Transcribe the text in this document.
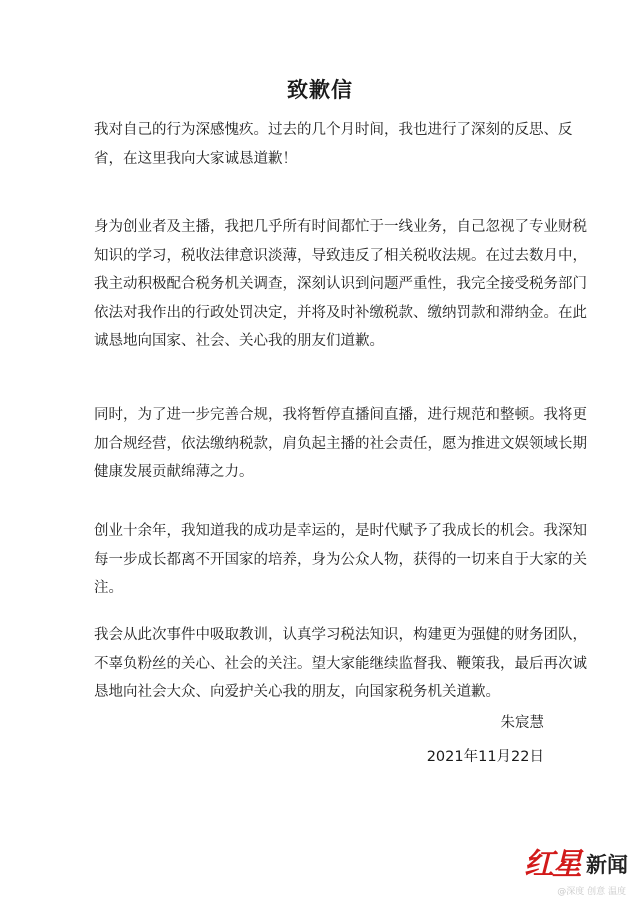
致歉信
我对自己的行为深感愧疚。过去的几个月时间，我也进行了深刻的反思、反
省，在这里我向大家诚恳道歉！
身为创业者及主播，我把几乎所有时间都忙于一线业务，自己忽视了专业财税
知识的学习，税收法律意识淡薄，导致违反了相关税收法规。在过去数月中，
我主动积极配合税务机关调查，深刻认识到问题严重性，我完全接受税务部门
依法对我作出的行政处罚决定，并将及时补缴税款、缴纳罚款和滞纳金。在此
诚恳地向国家、社会、关心我的朋友们道歉。
同时，为了进一步完善合规，我将暂停直播间直播，进行规范和整顿。我将更
加合规经营，依法缴纳税款，肩负起主播的社会责任，愿为推进文娱领域长期
健康发展贡献绵薄之力。
创业十余年，我知道我的成功是幸运的，是时代赋予了我成长的机会。我深知
每一步成长都离不开国家的培养，身为公众人物，获得的一切来自于大家的关
注。
我会从此次事件中吸取教训，认真学习税法知识，构建更为强健的财务团队，
不辜负粉丝的关心、社会的关注。望大家能继续监督我、鞭策我，最后再次诚
恳地向社会大众、向爱护关心我的朋友，向国家税务机关道歉。
朱宸慧
2021年11月22日
红星 新闻
@深度 创意 温度
